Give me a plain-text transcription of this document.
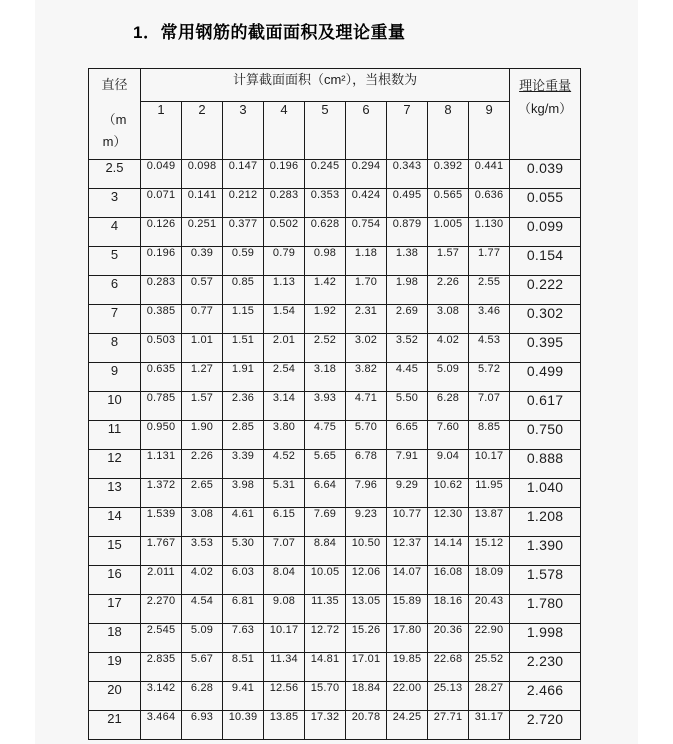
1．常用钢筋的截面面积及理论重量
直径
（mm）
	计算截面面积（cm²），当根数为	理论重量
（kg/m）

	1	2	3	4	5	6	7	8	9	
2.5	0.049	0.098	0.147	0.196	0.245	0.294	0.343	0.392	0.441	0.039
3	0.071	0.141	0.212	0.283	0.353	0.424	0.495	0.565	0.636	0.055
4	0.126	0.251	0.377	0.502	0.628	0.754	0.879	1.005	1.130	0.099
5	0.196	0.39	0.59	0.79	0.98	1.18	1.38	1.57	1.77	0.154
6	0.283	0.57	0.85	1.13	1.42	1.70	1.98	2.26	2.55	0.222
7	0.385	0.77	1.15	1.54	1.92	2.31	2.69	3.08	3.46	0.302
8	0.503	1.01	1.51	2.01	2.52	3.02	3.52	4.02	4.53	0.395
9	0.635	1.27	1.91	2.54	3.18	3.82	4.45	5.09	5.72	0.499
10	0.785	1.57	2.36	3.14	3.93	4.71	5.50	6.28	7.07	0.617
11	0.950	1.90	2.85	3.80	4.75	5.70	6.65	7.60	8.85	0.750
12	1.131	2.26	3.39	4.52	5.65	6.78	7.91	9.04	10.17	0.888
13	1.372	2.65	3.98	5.31	6.64	7.96	9.29	10.62	11.95	1.040
14	1.539	3.08	4.61	6.15	7.69	9.23	10.77	12.30	13.87	1.208
15	1.767	3.53	5.30	7.07	8.84	10.50	12.37	14.14	15.12	1.390
16	2.011	4.02	6.03	8.04	10.05	12.06	14.07	16.08	18.09	1.578
17	2.270	4.54	6.81	9.08	11.35	13.05	15.89	18.16	20.43	1.780
18	2.545	5.09	7.63	10.17	12.72	15.26	17.80	20.36	22.90	1.998
19	2.835	5.67	8.51	11.34	14.81	17.01	19.85	22.68	25.52	2.230
20	3.142	6.28	9.41	12.56	15.70	18.84	22.00	25.13	28.27	2.466
21	3.464	6.93	10.39	13.85	17.32	20.78	24.25	27.71	31.17	2.720
